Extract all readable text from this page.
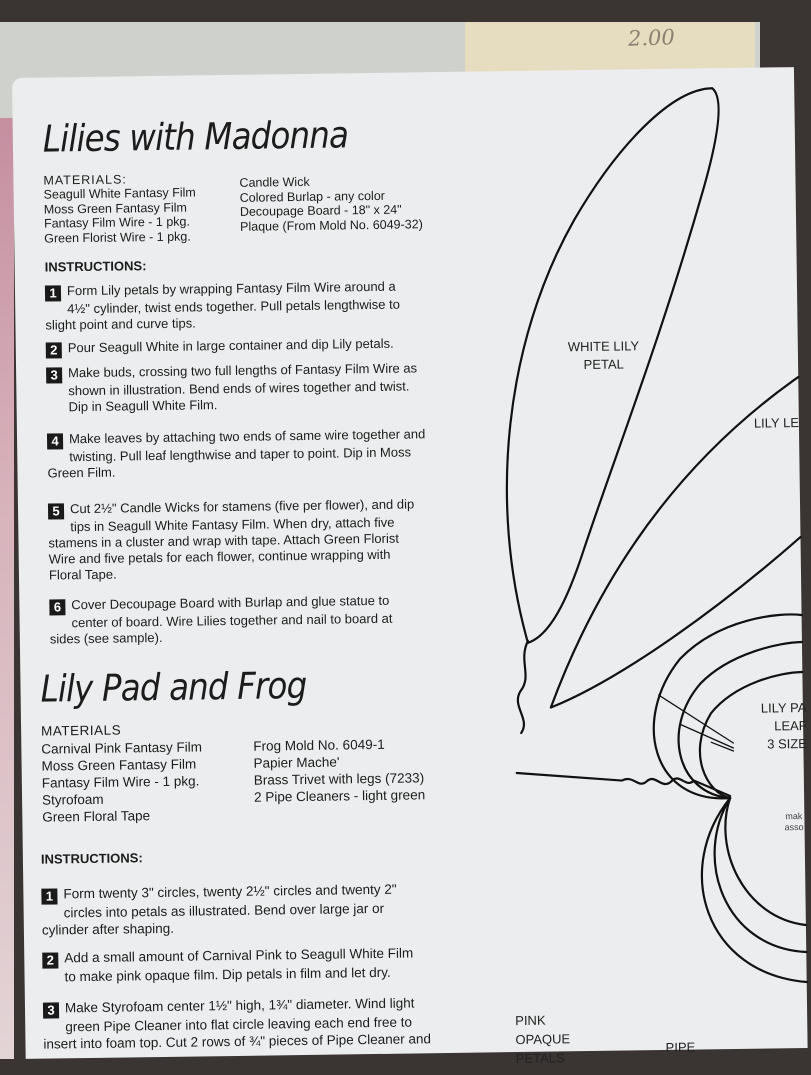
2.00
Lilies with Madonna
MATERIALS:
Seagull White Fantasy Film
Moss Green Fantasy Film
Fantasy Film Wire - 1 pkg.
Green Florist Wire - 1 pkg.
Candle Wick
Colored Burlap - any color
Decoupage Board - 18" x 24"
Plaque (From Mold No. 6049-32)
INSTRUCTIONS:
1 Form Lily petals by wrapping Fantasy Film Wire around a
4½" cylinder, twist ends together. Pull petals lengthwise to
slight point and curve tips.
2 Pour Seagull White in large container and dip Lily petals.
3 Make buds, crossing two full lengths of Fantasy Film Wire as
shown in illustration. Bend ends of wires together and twist.
Dip in Seagull White Film.
4 Make leaves by attaching two ends of same wire together and
twisting. Pull leaf lengthwise and taper to point. Dip in Moss
Green Film.
5 Cut 2½" Candle Wicks for stamens (five per flower), and dip
tips in Seagull White Fantasy Film. When dry, attach five
stamens in a cluster and wrap with tape. Attach Green Florist
Wire and five petals for each flower, continue wrapping with
Floral Tape.
6 Cover Decoupage Board with Burlap and glue statue to
center of board. Wire Lilies together and nail to board at
sides (see sample).
Lily Pad and Frog
MATERIALS
Carnival Pink Fantasy Film
Moss Green Fantasy Film
Fantasy Film Wire - 1 pkg.
Styrofoam
Green Floral Tape
Frog Mold No. 6049-1
Papier Mache'
Brass Trivet with legs (7233)
2 Pipe Cleaners - light green
INSTRUCTIONS:
1 Form twenty 3" circles, twenty 2½" circles and twenty 2"
circles into petals as illustrated. Bend over large jar or
cylinder after shaping.
2 Add a small amount of Carnival Pink to Seagull White Film
to make pink opaque film. Dip petals in film and let dry.
3 Make Styrofoam center 1½" high, 1¾" diameter. Wind light
green Pipe Cleaner into flat circle leaving each end free to
insert into foam top. Cut 2 rows of ¾" pieces of Pipe Cleaner and
WHITE LILY
PETAL
LILY LE
LILY PA
LEAF
3 SIZE
mak
asso
PINK
OPAQUE
PETALS
PIPE
